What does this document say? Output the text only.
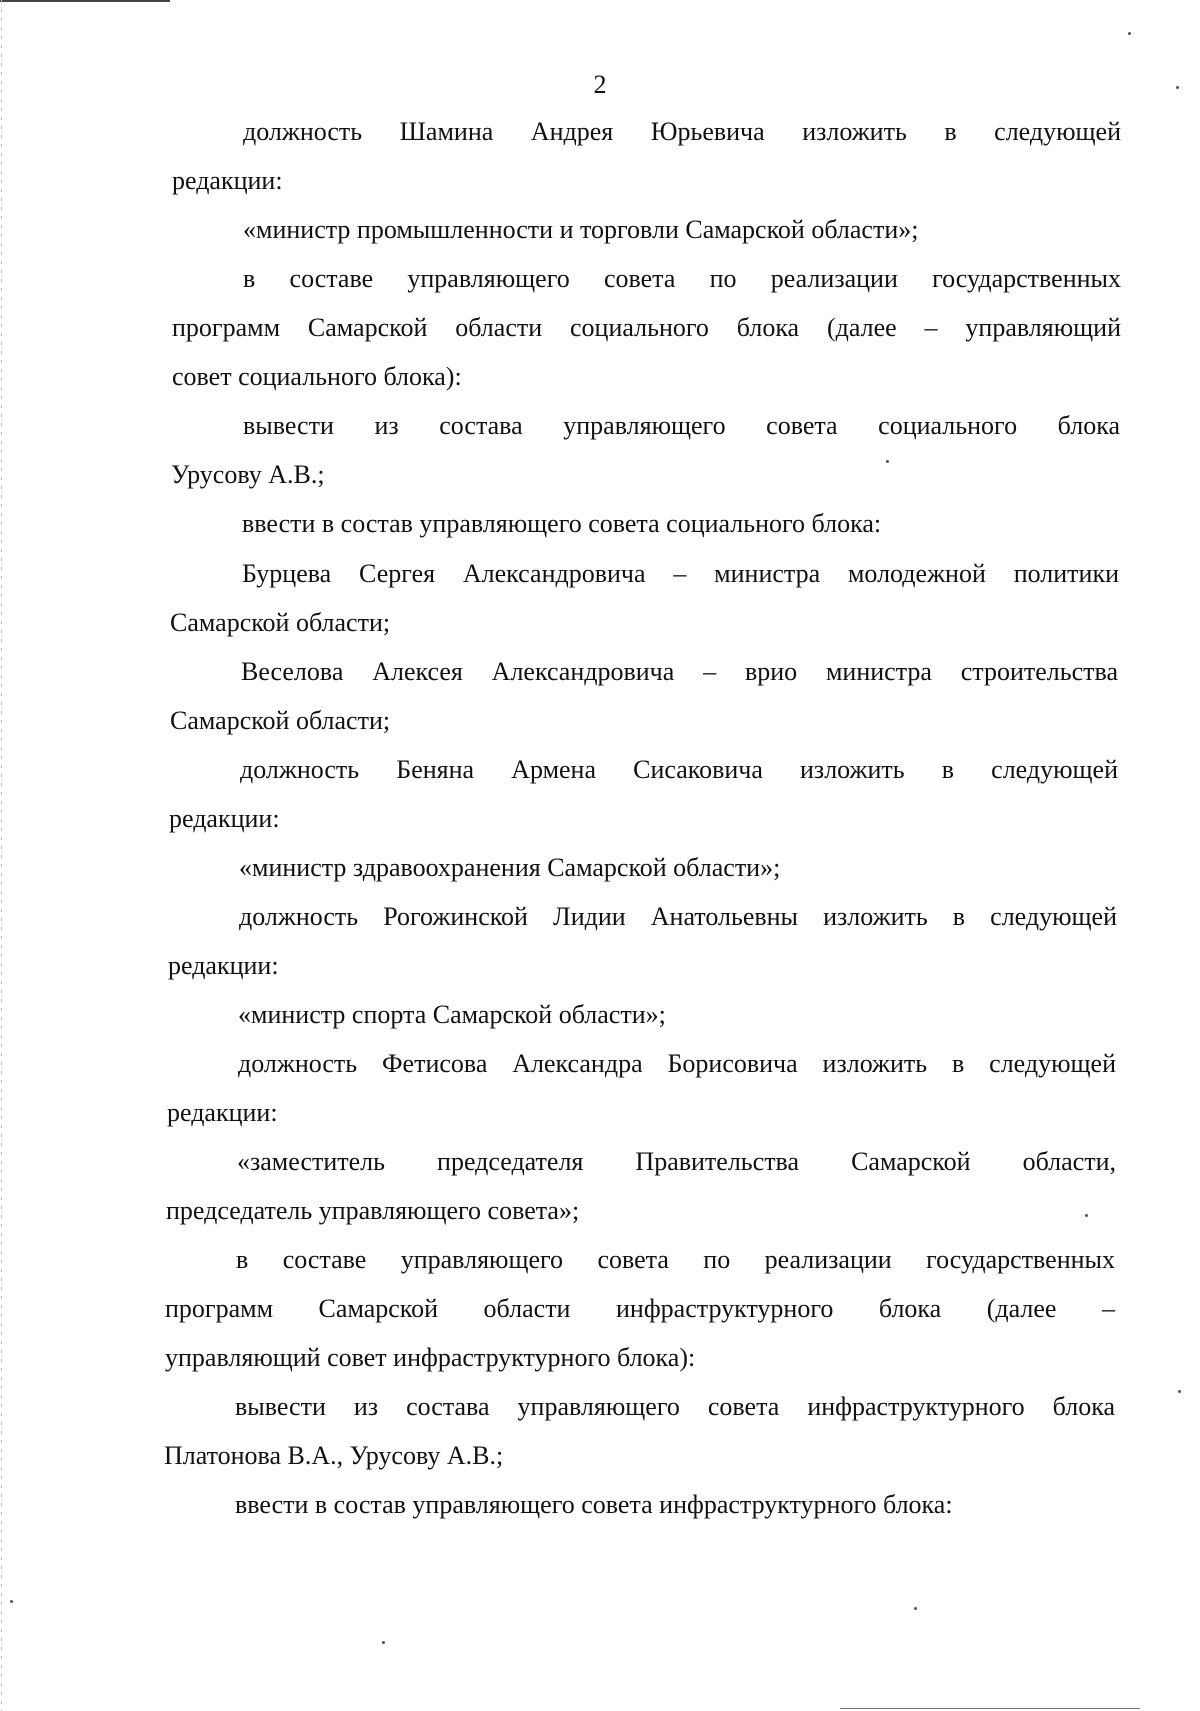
2
должность Шамина Андрея Юрьевича изложить в следующей
редакции:
«министр промышленности и торговли Самарской области»;
в составе управляющего совета по реализации государственных
программ Самарской области социального блока (далее – управляющий
совет социального блока):
вывести из состава управляющего совета социального блока
Урусову А.В.;
ввести в состав управляющего совета социального блока:
Бурцева Сергея Александровича – министра молодежной политики
Самарской области;
Веселова Алексея Александровича – врио министра строительства
Самарской области;
должность Беняна Армена Сисаковича изложить в следующей
редакции:
«министр здравоохранения Самарской области»;
должность Рогожинской Лидии Анатольевны изложить в следующей
редакции:
«министр спорта Самарской области»;
должность Фетисова Александра Борисовича изложить в следующей
редакции:
«заместитель председателя Правительства Самарской области,
председатель управляющего совета»;
в составе управляющего совета по реализации государственных
программ Самарской области инфраструктурного блока (далее –
управляющий совет инфраструктурного блока):
вывести из состава управляющего совета инфраструктурного блока
Платонова В.А., Урусову А.В.;
ввести в состав управляющего совета инфраструктурного блока:
